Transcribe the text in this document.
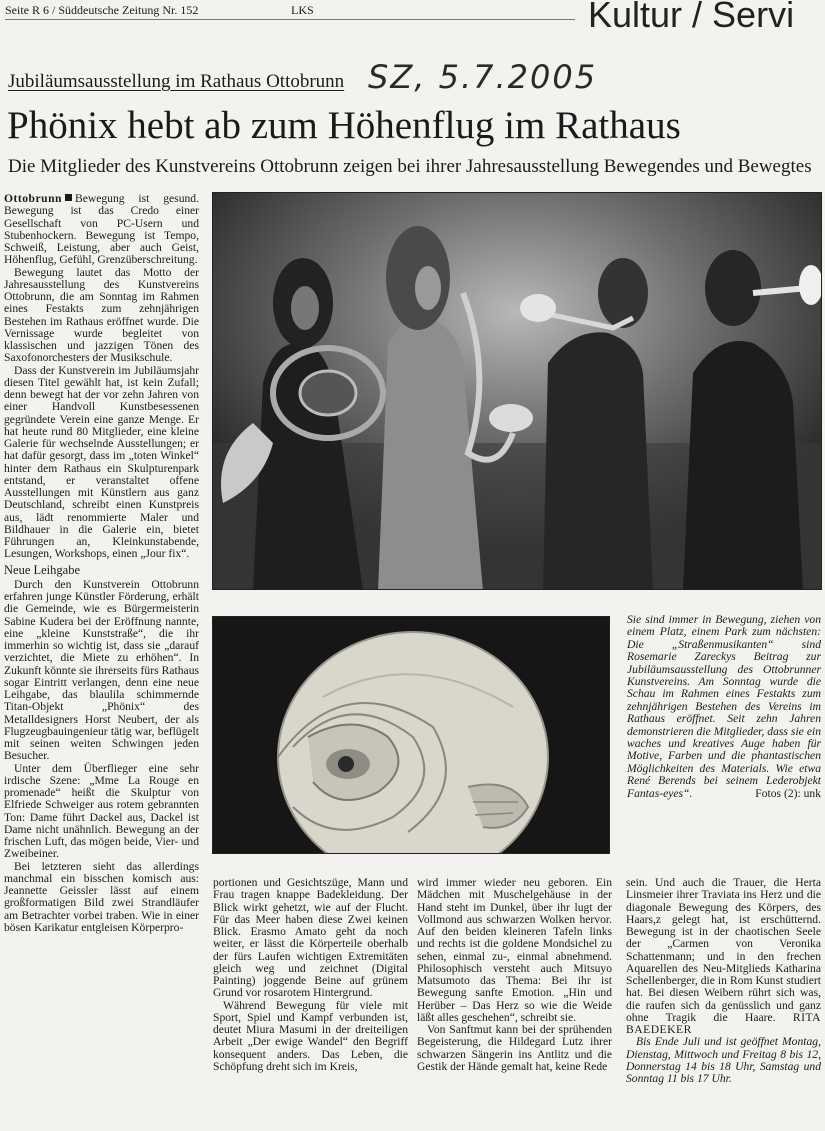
Seite R 6 / Süddeutsche Zeitung Nr. 152	LKS	Kultur / Servi
Jubiläumsausstellung im Rathaus Ottobrunn SZ, 5.7.2005
Phönix hebt ab zum Höhenflug im Rathaus
Die Mitglieder des Kunstvereins Ottobrunn zeigen bei ihrer Jahresausstellung Bewegendes und Bewegtes

Ottobrunn Bewegung ist gesund. Bewegung ist das Credo einer Gesellschaft von PC-Usern und Stubenhockern. Bewegung ist Tempo, Schweiß, Leistung, aber auch Geist, Höhenflug, Gefühl, Grenzüberschreitung.

Bewegung lautet das Motto der Jahresausstellung des Kunstvereins Ottobrunn, die am Sonntag im Rahmen eines Festakts zum zehnjährigen Bestehen im Rathaus eröffnet wurde. Die Vernissage wurde begleitet von klassischen und jazzigen Tönen des Saxofonorchesters der Musikschule.

Dass der Kunstverein im Jubiläumsjahr diesen Titel gewählt hat, ist kein Zufall; denn bewegt hat der vor zehn Jahren von einer Handvoll Kunstbesessenen gegründete Verein eine ganze Menge. Er hat heute rund 80 Mitglieder, eine kleine Galerie für wechselnde Ausstellungen; er hat dafür gesorgt, dass im „toten Winkel“ hinter dem Rathaus ein Skulpturenpark entstand, er veranstaltet offene Ausstellungen mit Künstlern aus ganz Deutschland, schreibt einen Kunstpreis aus, lädt renommierte Maler und Bildhauer in die Galerie ein, bietet Führungen an, Kleinkunstabende, Lesungen, Workshops, einen „Jour fix“.

Neue Leihgabe

Durch den Kunstverein Ottobrunn erfahren junge Künstler Förderung, erhält die Gemeinde, wie es Bürgermeisterin Sabine Kudera bei der Eröffnung nannte, eine „kleine Kunststraße“, die ihr immerhin so wichtig ist, dass sie „darauf verzichtet, die Miete zu erhöhen“. In Zukunft könnte sie ihrerseits fürs Rathaus sogar Eintritt verlangen, denn eine neue Leihgabe, das blaulila schimmernde Titan-Objekt „Phönix“ des Metalldesigners Horst Neubert, der als Flugzeugbauingenieur tätig war, beflügelt mit seinen weiten Schwingen jeden Besucher.

Unter dem Überflieger eine sehr irdische Szene: „Mme La Rouge en promenade“ heißt die Skulptur von Elfriede Schweiger aus rotem gebrannten Ton: Dame führt Dackel aus, Dackel ist Dame nicht unähnlich. Bewegung an der frischen Luft, das mögen beide, Vier- und Zweibeiner.

Bei letzteren sieht das allerdings manchmal ein bisschen komisch aus: Jeannette Geissler lässt auf einem großformatigen Bild zwei Strandläufer am Betrachter vorbei traben. Wie in einer bösen Karikatur entgleisen Körperpro-

Sie sind immer in Bewegung, ziehen von einem Platz, einem Park zum nächsten: Die „Straßenmusikanten“ sind Rosemarie Zareckys Beitrag zur Jubiläumsausstellung des Ottobrunner Kunstvereins. Am Sonntag wurde die Schau im Rahmen eines Festakts zum zehnjährigen Bestehen des Vereins im Rathaus eröffnet. Seit zehn Jahren demonstrieren die Mitglieder, dass sie ein waches und kreatives Auge haben für Motive, Farben und die phantastischen Möglichkeiten des Materials. Wie etwa René Berends bei seinem Lederobjekt Fantas-eyes“.	Fotos (2): unk

portionen und Gesichtszüge, Mann und Frau tragen knappe Badekleidung. Der Blick wirkt gehetzt, wie auf der Flucht. Für das Meer haben diese Zwei keinen Blick. Erasmo Amato geht da noch weiter, er lässt die Körperteile oberhalb der fürs Laufen wichtigen Extremitäten gleich weg und zeichnet (Digital Painting) joggende Beine auf grünem Grund vor rosarotem Hintergrund.

Während Bewegung für viele mit Sport, Spiel und Kampf verbunden ist, deutet Miura Masumi in der dreiteiligen Arbeit „Der ewige Wandel“ den Begriff konsequent anders. Das Leben, die Schöpfung dreht sich im Kreis,

wird immer wieder neu geboren. Ein Mädchen mit Muschelgehäuse in der Hand steht im Dunkel, über ihr lugt der Vollmond aus schwarzen Wolken hervor. Auf den beiden kleineren Tafeln links und rechts ist die goldene Mondsichel zu sehen, einmal zu-, einmal abnehmend. Philosophisch versteht auch Mitsuyo Matsumoto das Thema: Bei ihr ist Bewegung sanfte Emotion. „Hin und Herüber – Das Herz so wie die Weide läßt alles geschehen“, schreibt sie.

Von Sanftmut kann bei der sprühenden Begeisterung, die Hildegard Lutz ihrer schwarzen Sängerin ins Antlitz und die Gestik der Hände gemalt hat, keine Rede

sein. Und auch die Trauer, die Herta Linsmeier ihrer Traviata ins Herz und die diagonale Bewegung des Körpers, des Haars,z gelegt hat, ist erschütternd. Bewegung ist in der chaotischen Seele der „Carmen von Veronika Schattenmann; und in den frechen Aquarellen des Neu-Mitglieds Katharina Schellenberger, die in Rom Kunst studiert hat. Bei diesen Weibern rührt sich was, die raufen sich da genüsslich und ganz ohne Tragik die Haare. RITA BAEDEKER

Bis Ende Juli und ist geöffnet Montag, Dienstag, Mittwoch und Freitag 8 bis 12, Donnerstag 14 bis 18 Uhr, Samstag und Sonntag 11 bis 17 Uhr.
